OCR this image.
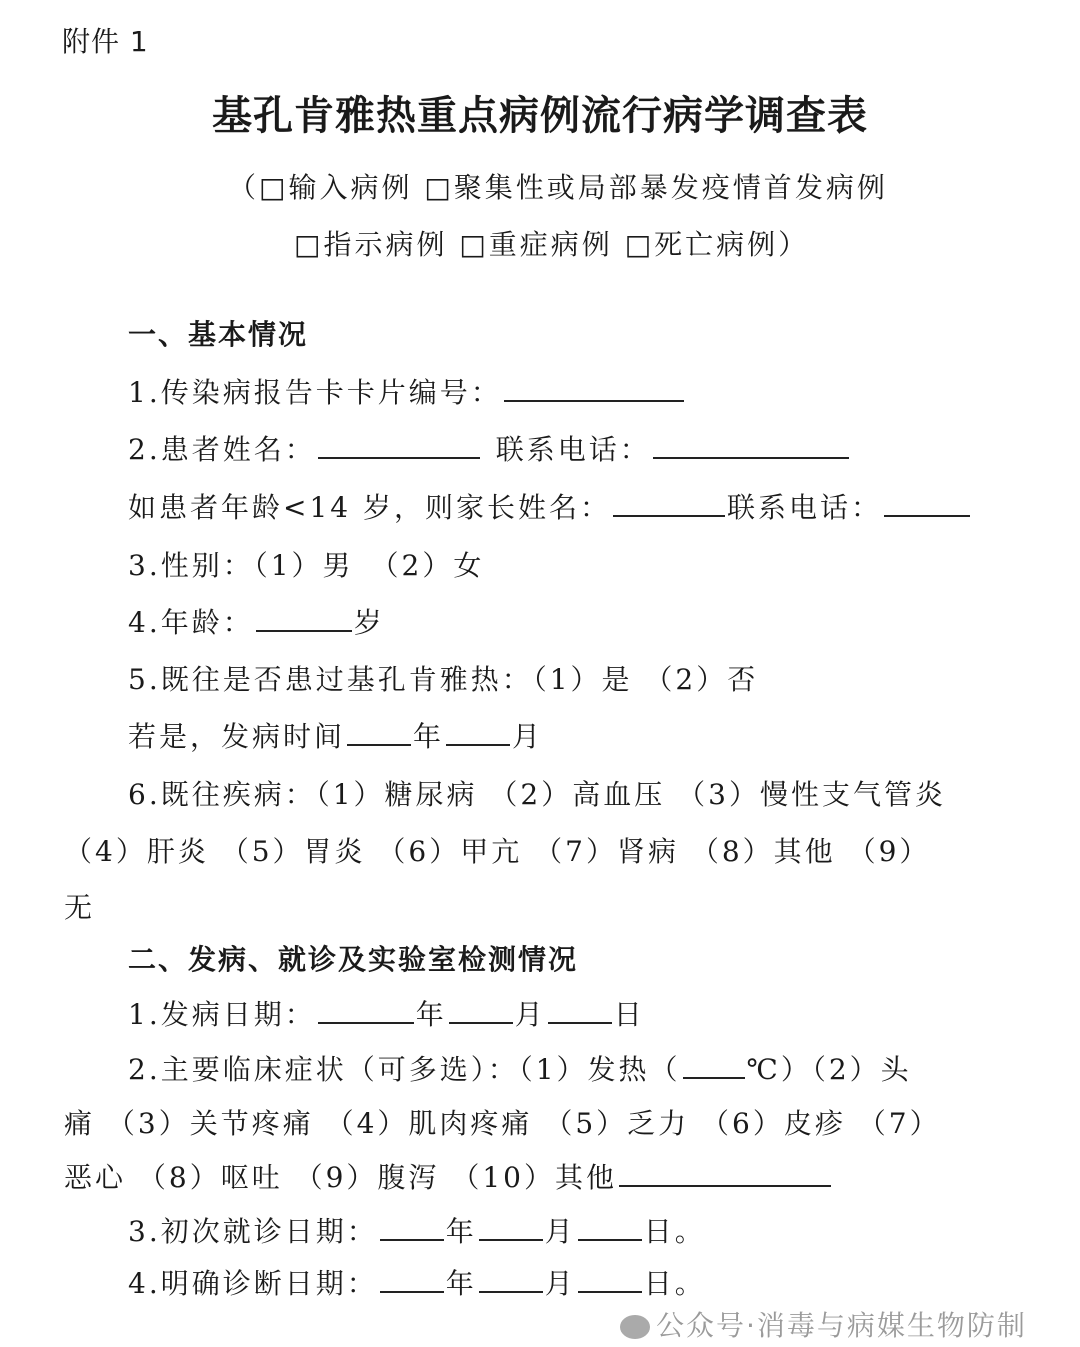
附件 1
基孔肯雅热重点病例流行病学调查表
（□输入病例 □聚集性或局部暴发疫情首发病例
□指示病例 □重症病例 □死亡病例）
一、基本情况
1.传染病报告卡卡片编号：
2.患者姓名：	联系电话：
如患者年龄<14 岁，则家长姓名：	联系电话：
3.性别：（1）男　（2）女
4.年龄：	岁
5.既往是否患过基孔肯雅热：（1）是 （2）否
若是，发病时间 年 月
6.既往疾病：（1）糖尿病 （2）高血压 （3）慢性支气管炎
（4）肝炎 （5）胃炎 （6）甲亢 （7）肾病 （8）其他 （9）
无
二、发病、就诊及实验室检测情况
1.发病日期：	年 月 日
2.主要临床症状（可多选）：（1）发热（ ℃）（2）头
痛 （3）关节疼痛 （4）肌肉疼痛 （5）乏力 （6）皮疹 （7）
恶心 （8）呕吐 （9）腹泻 （10）其他
3.初次就诊日期： 年 月 日。
4.明确诊断日期： 年 月 日。
公众号·消毒与病媒生物防制
